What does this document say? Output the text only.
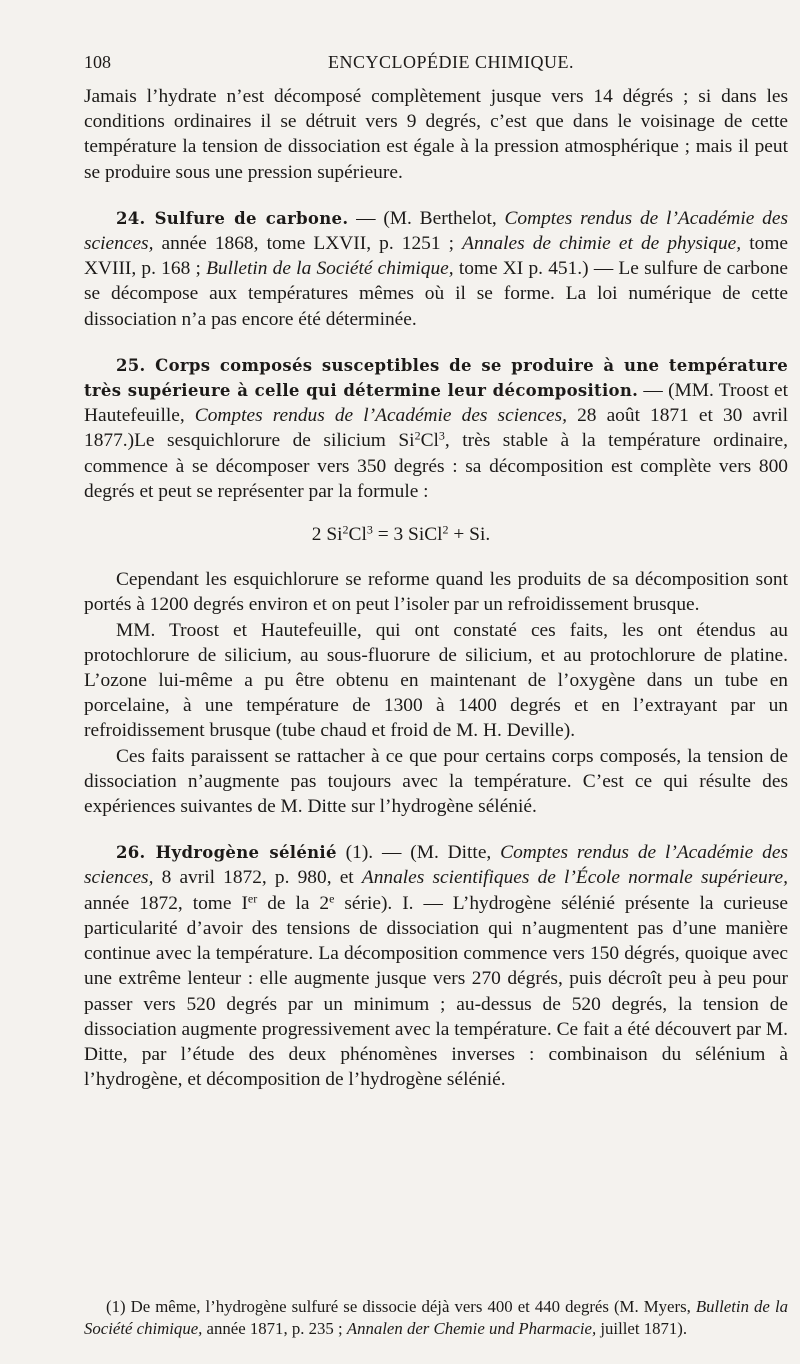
108	ENCYCLOPÉDIE CHIMIQUE.

Jamais l’hydrate n’est décomposé complètement jusque vers 14 dégrés ; si dans les conditions ordinaires il se détruit vers 9 degrés, c’est que dans le voisinage de cette température la tension de dissociation est égale à la pression atmosphérique ; mais il peut se produire sous une pression supérieure.

24. Sulfure de carbone. — (M. Berthelot, Comptes rendus de l’Académie des sciences, année 1868, tome LXVII, p. 1251 ; Annales de chimie et de physique, tome XVIII, p. 168 ; Bulletin de la Société chimique, tome XI p. 451.) — Le sulfure de carbone se décompose aux températures mêmes où il se forme. La loi numérique de cette dissociation n’a pas encore été déterminée.

25. Corps composés susceptibles de se produire à une température très supérieure à celle qui détermine leur décomposition. — (MM. Troost et Hautefeuille, Comptes rendus de l’Académie des sciences, 28 août 1871 et 30 avril 1877.)Le sesquichlorure de silicium Si$^2$Cl$^3$, très stable à la température ordinaire, commence à se décomposer vers 350 degrés : sa décomposition est complète vers 800 degrés et peut se représenter par la formule :

2 $Si^2Cl^3 = 3$ SiCl$^2$ + Si.

Cependant les esquichlorure se reforme quand les produits de sa décomposition sont portés à 1200 degrés environ et on peut l’isoler par un refroidissement brusque.

MM. Troost et Hautefeuille, qui ont constaté ces faits, les ont étendus au protochlorure de silicium, au sous-fluorure de silicium, et au protochlorure de platine. L’ozone lui-même a pu être obtenu en maintenant de l’oxygène dans un tube en porcelaine, à une température de 1300 à 1400 degrés et en l’extrayant par un refroidissement brusque (tube chaud et froid de M. H. Deville).

Ces faits paraissent se rattacher à ce que pour certains corps composés, la tension de dissociation n’augmente pas toujours avec la température. C’est ce qui résulte des expériences suivantes de M. Ditte sur l’hydrogène sélénié.

26. Hydrogène sélénié (1). — (M. Ditte, Comptes rendus de l’Académie des sciences, 8 avril 1872, p. 980, et Annales scientifiques de l’École normale supérieure, année 1872, tome Ier de la 2e série). I. — L’hydrogène sélénié présente la curieuse particularité d’avoir des tensions de dissociation qui n’augmentent pas d’une manière continue avec la température. La décomposition commence vers 150 dégrés, quoique avec une extrême lenteur : elle augmente jusque vers 270 dégrés, puis décroît peu à peu pour passer vers 520 degrés par un minimum ; au-dessus de 520 degrés, la tension de dissociation augmente progressivement avec la température. Ce fait a été découvert par M. Ditte, par l’étude des deux phénomènes inverses : combinaison du sélénium à l’hydrogène, et décomposition de l’hydrogène sélénié.

(1) De même, l’hydrogène sulfuré se dissocie déjà vers 400 et 440 degrés (M. Myers, Bulletin de la Société chimique, année 1871, p. 235 ; Annalen der Chemie und Pharmacie, juillet 1871).
